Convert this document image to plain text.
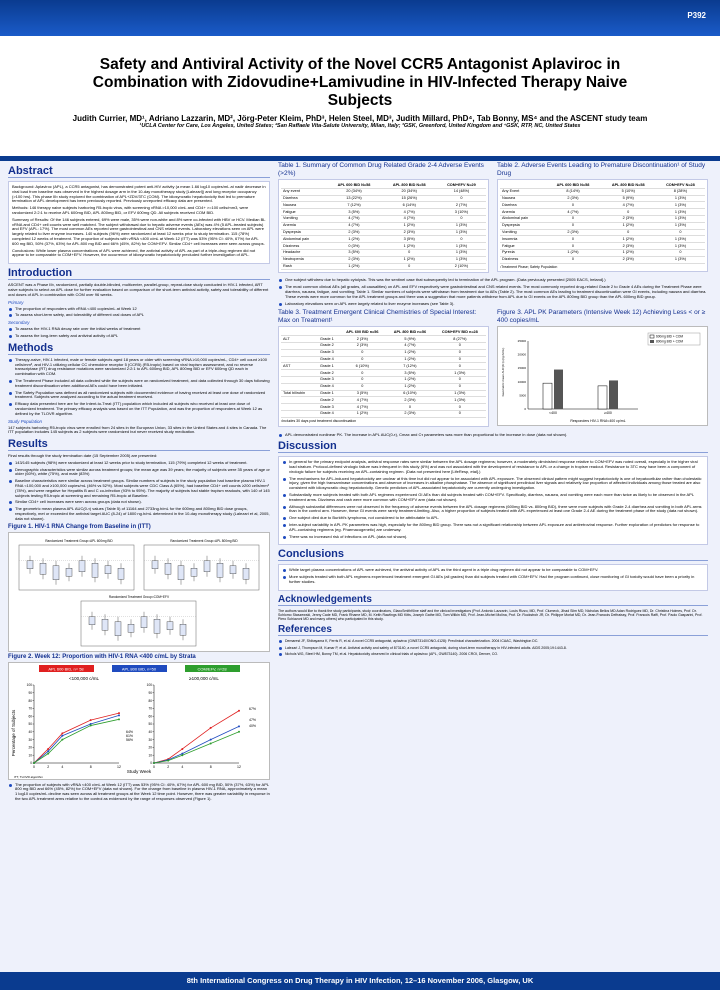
P392
Safety and Antiviral Activity of the Novel CCR5 Antagonist Aplaviroc in Combination with Zidovudine+Lamivudine in HIV-Infected Therapy Naive Subjects
Judith Currier, MD¹, Adriano Lazzarin, MD², Jörg-Peter Kleim, PhD³, Helen Steel, MD³, Judith Millard, PhD⁴, Tab Bonny, MS⁴ and the ASCENT study team
¹UCLA Center for Care, Los Angeles, United States; ²San Raffaele Vita-Salute University, Milan, Italy; ³GSK, Greenford, United Kingdom and ⁴GSK, RTP, NC, United States
Abstract

Background: Aplaviroc (APL), a CCR5 antagonist, has demonstrated potent anti-HIV activity (a mean 1.66 log10 copies/mL at nadir decrease in viral load from baseline was observed in the highest dosage arm in the 10-day monotherapy study [Lalezari]) and long receptor occupancy (>100 hrs). This phase IIb study explored the combination of APL+ZDV/3TC (COM). The idiosyncratic hepatotoxicity that led to premature termination of APL development has been previously reported. Previously unreported efficacy data are presented.

Methods: 146 therapy naive subjects harboring R5-tropic virus, with screening vRNA >10,000 c/mL and CD4+ >=100 cells/mm3, were randomized 2:2:1 to receive APL 600mg BID, APL 800mg BID, or EFV 600mg QD. All subjects received COM BID.

Summary of Results: Of the 146 subjects entered, 69% were male, 35% were non-white and 8% were co-infected with HBV or HCV. Median BL vRNA and CD4+ cell counts were well matched. The subject withdrawal due to hepatic adverse events (AEs) was 4% (5 APL-treated subjects) and EFV (APL: 17%). The most common AEs reported were gastrointestinal and CNS related events. Laboratory elevations seen on APL were largely related to liver enzyme increases. 140 subjects (96%) were randomized at least 12 weeks prior to study termination. 115 (78%) completed 12 weeks of treatment. The proportion of subjects with vRNA <400 c/mL at Week 12 (ITT) was 53% (95% CI: 40%, 67%) for APL 600 mg BID, 50% (37%, 63%) for APL 800 mg BID and 66% (45%, 82%) for COM+EFV. Similar CD4+ cell increases were seen across groups.

Conclusions: While lower plasma concentrations of APL were achieved, the antiviral activity of APL as part of a triple-drug regimen did not appear to be comparable to COM+EFV. However, the occurrence of idiosyncratic hepatotoxicity precluded further investigation of APL.

Introduction

ASCENT was a Phase IIb, randomized, partially double-blinded, multicenter, parallel-group, repeat-dose study conducted in HIV-1 infected, ART naive subjects to select an APL dose for further evaluation based on comparison of the short-term antiviral activity, safety and tolerability of different oral doses of APL in combination with COM over 96 weeks.

Primary
The proportion of responders with vRNA <400 copies/mL at Week 12
To assess short-term safety, and tolerability of different oral doses of APL
Secondary
To assess the HIV-1 RNA decay rate over the initial weeks of treatment
To assess the long-term safety and antiviral activity of APL
Methods
Therapy-naive, HIV-1 infected, male or female subjects aged 18 years or older with screening vRNA ≥10,000 copies/mL, CD4+ cell count ≥100 cells/mm³, and HIV-1 utilizing cellular CC chemokine receptor 5 (CCR5) (R5-tropic) based on viral tropism assessment, and no reverse transcriptase (RT) drug resistance mutations were randomized 2:2:1 to APL 600mg BID, APL 800mg BID or EFV 600mg QD each in combination with COM.
The Treatment Phase included all data collected while the subjects were on randomized treatment, and data collected through 30 days following treatment discontinuation when additional AEs could have been initiated.
The Safety Population was defined as all randomized subjects with documented evidence of having received at least one dose of randomized treatment. Subjects were analyzed according to the actual treatment received.
Efficacy data presented here are for the Intent-to-Treat (ITT) population which included all subjects who received at least one dose of randomized treatment. The primary efficacy analysis was based on the ITT Population, and was the proportion of responders at Week 12 as defined by the TLOVR algorithm.
Study Population

147 subjects harboring R5-tropic virus were enrolled from 24 sites in the European Union, 33 sites in the United States and 4 sites in Canada. The ITT population includes 145 subjects as 2 subjects were randomized but never received study medication.

Results

Final results through the study termination date (15 September 2005) are presented:

143/145 subjects (98%) were randomized at least 12 weeks prior to study termination, 115 (79%) completed 12 weeks of treatment.
Demographic characteristics were similar across treatment groups; the mean age was 39 years; the majority of subjects were 35 years of age or older (60%), white (75%), and male (83%)
Baseline characteristics were similar across treatment groups. Similar numbers of subjects in the study population had baseline plasma HIV-1 RNA <100,000 and ≥100,000 copies/mL (46% vs 52%). Most subjects were CDC Class A (65%), had baseline CD4+ cell counts ≥200 cells/mm³ (78%), and were negative for Hepatitis B and C co-infection (93% to 95%). The majority of subjects had stable tropism readouts, with 140 of 145 subjects testing R5-tropic at screening and remaining R5-tropic at Baseline.
Similar CD4+ cell increases were seen across groups (data not shown).
The geometric mean plasma APL AUC(0-τ) values (Table 5) of 11164 and 2733ng.h/mL for the 600mg and 800mg BID dose groups, respectively, met or exceeded the antiviral target AUC (8-24) of 1800 ng.h/mL determined in the 10-day monotherapy study (Lalezari et al, 2005, data not shown).
Figure 1. HIV-1 RNA Change from Baseline in (ITT)
Randomized Treatment Group=APL 600mg BID	Randomized Treatment Group=APL 800mg BID
Randomized Treatment Group=COM+EFV
Figure 2. Week 12: Proportion with HIV-1 RNA <400 c/mL by Strata
APL 600 BID, n= 58	APL 800 BID, n=50	COM/EFV, n=28
<100,000 c/mL	≥100,000 c/mL
Percentage of Subjects
Study Week
ITT, TLOVR algorithm
0
10
20
30
40
50
60
70
80
90
100
0	2	4	8	12
0
10
20
30
40
50
60
70
80
90
100
0	2	4	8	12
64%
61%
56%
67%
47%
40%
The proportion of subjects with vRNA <400 c/mL at Week 12 (ITT) was 53% (95% CI: 40%, 67%) for APL 600 mg BID, 50% (37%, 63%) for APL 800 mg BID and 66% (45%, 82%) for COM+EFV (data not shown). For the change from baseline in plasma HIV-1 RNA, approximately a mean 1 log10 copies/mL decline was seen across all treatment groups at the Week 12 time point. However, there was greater variability in response in the two APL treatment arms relative to the control as evidenced by the range of responses observed (Figure 1).
Table 1. Summary of Common Drug Related Grade 2-4 Adverse Events (>2%)
	APL 600 BID N=58	APL 800 BID N=58	COM+EFV N=29
Any event	20 (34%)	20 (34%)	14 (48%)
Diarrhea	13 (22%)	15 (26%)	0
Nausea	7 (12%)	6 (14%)	2 (7%)
Fatigue	3 (5%)	4 (7%)	3 (10%)
Vomiting	4 (7%)	4 (7%)	0
Anemia	4 (7%)	1 (2%)	1 (3%)
Dyspepsia	2 (3%)	2 (3%)	1 (3%)
Abdominal pain	1 (2%)	3 (5%)	0
Dizziness	0 (3%)	1 (2%)	1 (3%)
Headache	3 (5%)	0	1 (3%)
Neutropenia	2 (3%)	1 (2%)	1 (3%)
Rash	1 (2%)	0	2 (10%)
Table 2. Adverse Events Leading to Premature Discontinuation¹ of Study Drug
	APL 600 BID N=58	APL 800 BID N=58	COM+EFV N=28
Any Event	8 (14%)	5 (10%)	8 (28%)
Nausea	2 (3%)	5 (9%)	1 (3%)
Diarrhea	0	4 (7%)	1 (3%)
Anemia	4 (7%)	0	1 (3%)
Abdominal pain	0	2 (3%)	1 (3%)
Dyspepsia	0	1 (2%)	1 (3%)
Vomiting	2 (3%)	0	0
Insomnia	0	1 (2%)	1 (3%)
Fatigue	0	2 (3%)	1 (3%)
Pyrexia	1 (2%)	1 (2%)	0
Dizziness	0	2 (3%)	1 (3%)
¹Treatment Phase; Safety Population
One subject withdrew due to hepatic cytolysis. This was the sentinel case that subsequently led to termination of the APL program. (Data previously presented [2005 EACS, Ireland].)
The most common clinical AEs (all grades, all causalities) on APL and EFV respectively were gastrointestinal and CNS related events. The most commonly reported drug-related Grade 2 to Grade 4 AEs during the Treatment Phase were diarrhea, nausea, fatigue, and vomiting; Table 1. Similar numbers of subjects were withdrawn from treatment due to AEs (Table 2). The most common AEs leading to treatment discontinuation were GI events, including nausea and diarrhea. These events were more common for the APL treatment groups and there was a suggestion that more patients withdrew from APL due to GI events on the APL 800mg BID group than the APL 600mg BID group.
Laboratory elevations seen on APL were largely related to liver enzyme increases (see Table 3).
Table 3. Treatment Emergent Clinical Chemistries of Special Interest: Max on Treatment¹
		APL 600 BID n=56	APL 800 BID n=56	COM+EFV BID n=28
ALT	Grade 1	2 (3%)	5 (9%)	8 (27%)
	Grade 2	2 (3%)	4 (7%)	0
	Grade 3	0	1 (2%)	0
	Grade 4	0	1 (2%)	0
AST	Grade 1	6 (10%)	7 (12%)	0
	Grade 2	0	3 (5%)	1 (3%)
	Grade 3	0	1 (2%)	0
	Grade 4	0	1 (2%)	0
Total bilirubin	Grade 1	3 (5%)	6 (10%)	1 (3%)
	Grade 2	4 (7%)	2 (3%)	1 (3%)
	Grade 3	4 (7%)	0	0
	Grade 4	1 (2%)	2 (3%)	0
¹Includes 30 days post treatment discontinuation
Figure 3. APL PK Parameters (Intensive Week 12) Achieving Less < or ≥ 400 copies/mL
Geometric mean AUC(0-τ) (ng.h/mL)
Responders HIV-1 RNA<400 cp/mL
600mg BID + COM
800mg BID + COM
25000
20000
15000
10000
5000
0
<400	≥400
APL demonstrated nonlinear PK. The increase in APL AUC(0-τ), Cmax and Cτ parameters was more than proportional to the increase in dose (data not shown).
Discussion
In general for the primary endpoint analysis, antiviral response rates were similar between the APL dosage regimens; however, a moderately diminished response relative to COM+EFV was noted overall, especially in the higher viral load stratum. Protocol-defined virologic failure was infrequent in this study (6%) and was not associated with the development of resistance to APL or a change in tropism readout. Resistance to 3TC may have been a component of virologic failure for subjects receiving an APL-containing regimen. (Data not presented here [LifeResp, etal].)
The mechanisms for APL-induced hepatotoxicity are unclear at this time but did not appear to be associated with APL exposure. The observed clinical pattern might suggest hepatotoxicity is one of hepatocellular rather than cholestatic injury, given the high transaminase concentrations and absence of increases in alkaline phosphatase. The absence of significant preclinical liver signals and relatively low proportion of affected individuals among those treated are also consistent with idiosyncratic drug hepatotoxicity. Genetic predictors of APL-associated hepatotoxicity are currently undergoing investigation.
Substantially more subjects treated with both APL regimens experienced GI AEs than did subjects treated with COM+EFV. Specifically, diarrhea, nausea, and vomiting were each more than twice as likely to be observed in the APL treatment arms. Dizziness and rash were more common with COM+EFV arm (data not shown).
Although substantial differences were not observed in the frequency of adverse events between the APL dosage regimens (600mg BID vs. 800mg BID), there were more subjects with Grade 2-4 diarrhea and vomiting in both APL arms than in the control arm. However, these GI events were rarely treatment-limiting. Also, a higher proportion of subjects treated with APL experienced at least one Grade 2-4 AE during the treatment phase of the study (data not shown).
One subject died due to Burkitt's lymphoma, not considered to be attributable to APL.
Inter-subject variability in APL PK parameters was high, especially for the 800mg BID group. There was not a significant relationship between APL exposure and antiretroviral response. Further exploration of predictors for response to APL-containing regimens (eg. Pharmacogenetic) are underway.
There was no increased risk of infections on APL (data not shown).
Conclusions
While target plasma concentrations of APL were achieved, the antiviral activity of APL as the third agent in a triple drug regimen did not appear to be comparable to COM+EFV.
More subjects treated with both APL regimens experienced treatment emergent GI AEs (all grades) than did subjects treated with COM+EFV. Had the program continued, close monitoring of GI toxicity would have been a priority in further studies.
Acknowledgements

The authors would like to thank the study participants, study coordinators, GlaxoSmithKline staff and the clinical investigators (Prof. Antonio Lazzarin, Louis Rizzo, MD, Prof. Clumeck, Jihad Slim MD, Nicholas Bellos MD Adan Rodriguez MD, Dr. Christina Holmes, Prof. Dr. Schlomo Staszewski, Jenny Cade MD, Frank Rhame MD, M. Keith Rawlings MD Kitts, Joseph Gathe MD, Tom Wilkin MD, Prof. Jean-Michel Molina, Prof. Dr. Rockstroh JR, Dr. Philippe Morlat MD, Dr. Jean-Francois Delfraissy, Prof. Francois Raffi, Prof. Paolo Gasparini, Prof. Piero Schiavoni MD and many others) who participated in this study.

References
Demarest JF, Shibayama K, Ferris R, et al. A novel CCR5 antagonist, aplaviroc (GW873140/ONO-4128): Preclinical characterization. 2004 ICAAC, Washington DC.
Lalezari J, Thompson M, Kumar P, et al. Antiviral activity and safety of 873140, a novel CCR5 antagonist, during short-term monotherapy in HIV-infected adults. AIDS 2005;19:1443-8.
Nichols WG, Steel HM, Bonny TM, et al. Hepatotoxicity observed in clinical trials of aplaviroc (APL, GW873140). 2006 CROI, Denver, CO.
8th International Congress on Drug Therapy in HIV Infection, 12–16 November 2006, Glasgow, UK
